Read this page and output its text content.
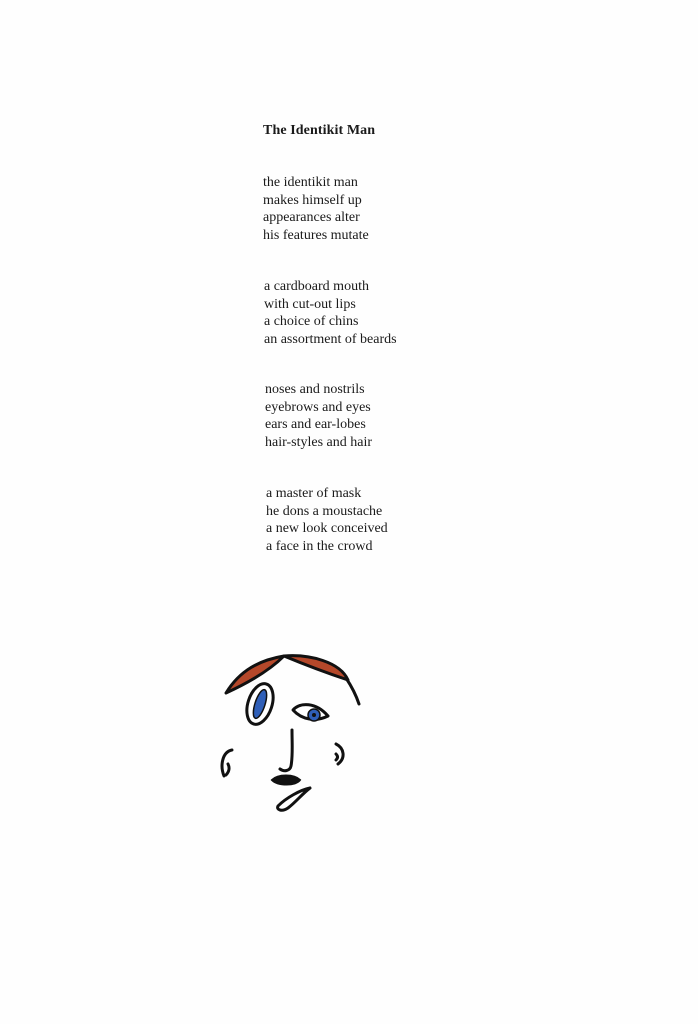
The Identikit Man
the identikit man
makes himself up
appearances alter
his features mutate
a cardboard mouth
with cut-out lips
a choice of chins
an assortment of beards
noses and nostrils
eyebrows and eyes
ears and ear-lobes
hair-styles and hair
a master of mask
he dons a moustache
a new look conceived
a face in the crowd
